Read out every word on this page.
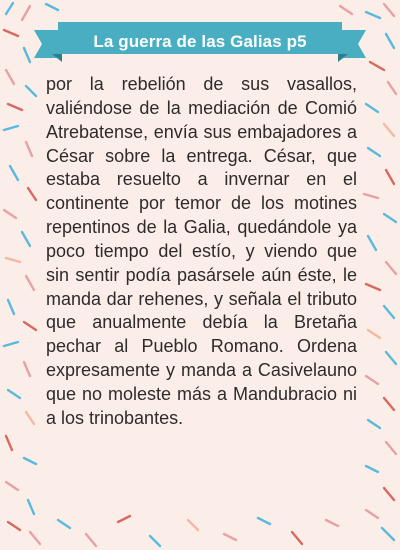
La guerra de las Galias p5

por la rebelión de sus vasallos, valiéndose de la mediación de Comió Atrebatense, envía sus embajadores a César sobre la entrega. César, que estaba resuelto a invernar en el continente por temor de los motines repentinos de la Galia, quedándole ya poco tiempo del estío, y viendo que sin sentir podía pasársele aún éste, le manda dar rehenes, y señala el tributo que anualmente debía la Bretaña pechar al Pueblo Romano. Ordena expresamente y manda a Casivelauno que no moleste más a Mandubracio ni a los trinobantes.
